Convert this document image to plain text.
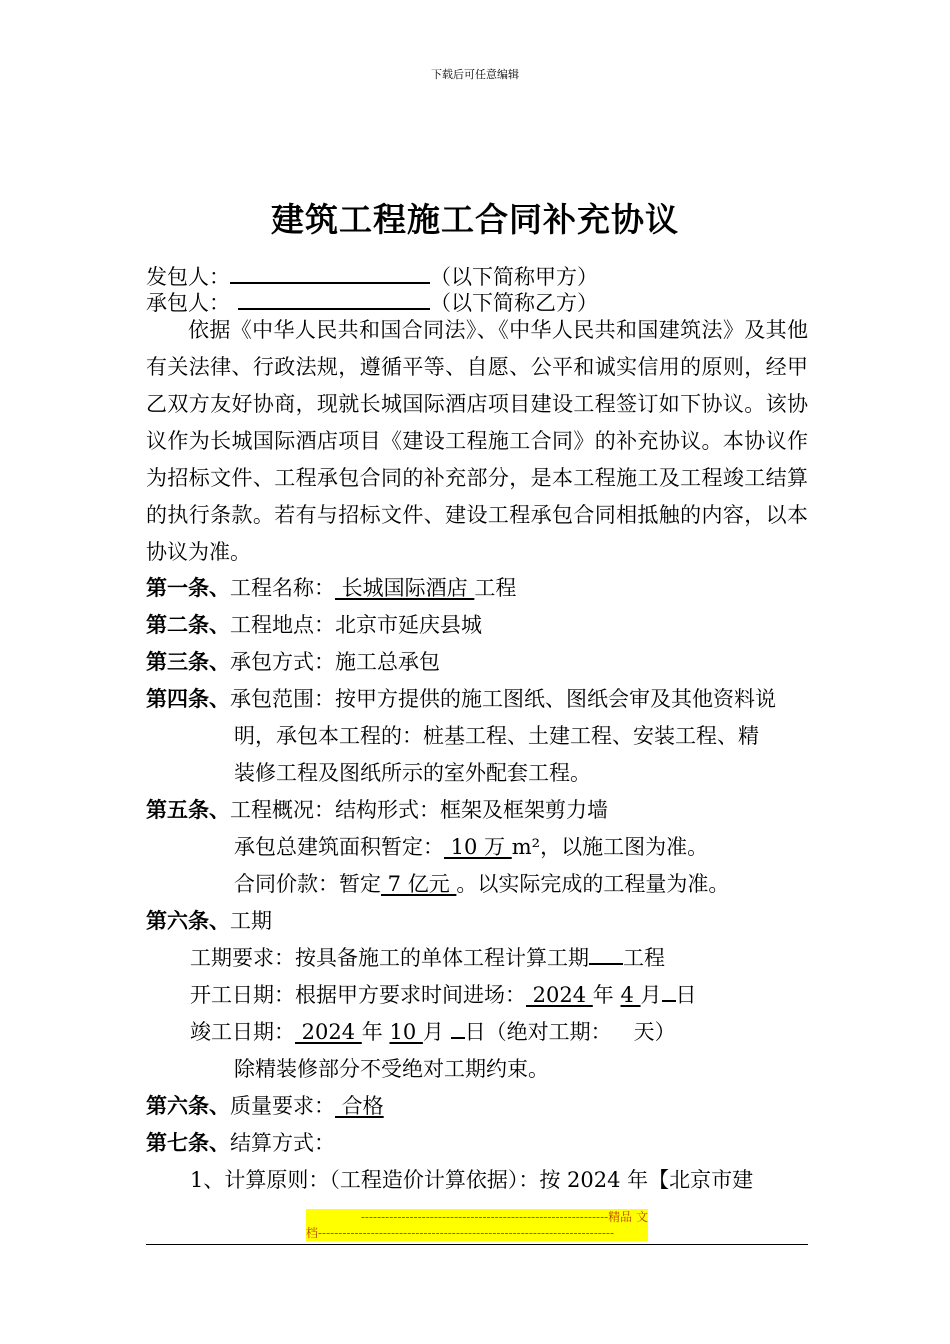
下载后可任意编辑
建筑工程施工合同补充协议
发包人：	（以下简称甲方）
承包人：	（以下简称乙方）
依据《中华人民共和国合同法》、《中华人民共和国建筑法》及其他有关法律、行政法规，遵循平等、自愿、公平和诚实信用的原则，经甲乙双方友好协商，现就长城国际酒店项目建设工程签订如下协议。该协议作为长城国际酒店项目《建设工程施工合同》的补充协议。本协议作为招标文件、工程承包合同的补充部分，是本工程施工及工程竣工结算的执行条款。若有与招标文件、建设工程承包合同相抵触的内容，以本协议为准。
第一条、工程名称： 长城国际酒店 工程
第二条、工程地点：北京市延庆县城
第三条、承包方式：施工总承包
第四条、承包范围：按甲方提供的施工图纸、图纸会审及其他资料说
明，承包本工程的：桩基工程、土建工程、安装工程、精
装修工程及图纸所示的室外配套工程。
第五条、工程概况：结构形式：框架及框架剪力墙
承包总建筑面积暂定： 10 万 m²，以施工图为准。
合同价款：暂定 7 亿元 。以实际完成的工程量为准。
第六条、工期
工期要求：按具备施工的单体工程计算工期 工程
开工日期：根据甲方要求时间进场： 2024 年 4 月 日
竣工日期： 2024 年 10 月 日（绝对工期： 天）
除精装修部分不受绝对工期约束。
第六条、质量要求： 合格
第七条、结算方式：
1、计算原则：（工程造价计算依据）：按 2024 年【北京市建
-------------------------------------------------------------精品 文
档-------------------------------------------------------------------------
